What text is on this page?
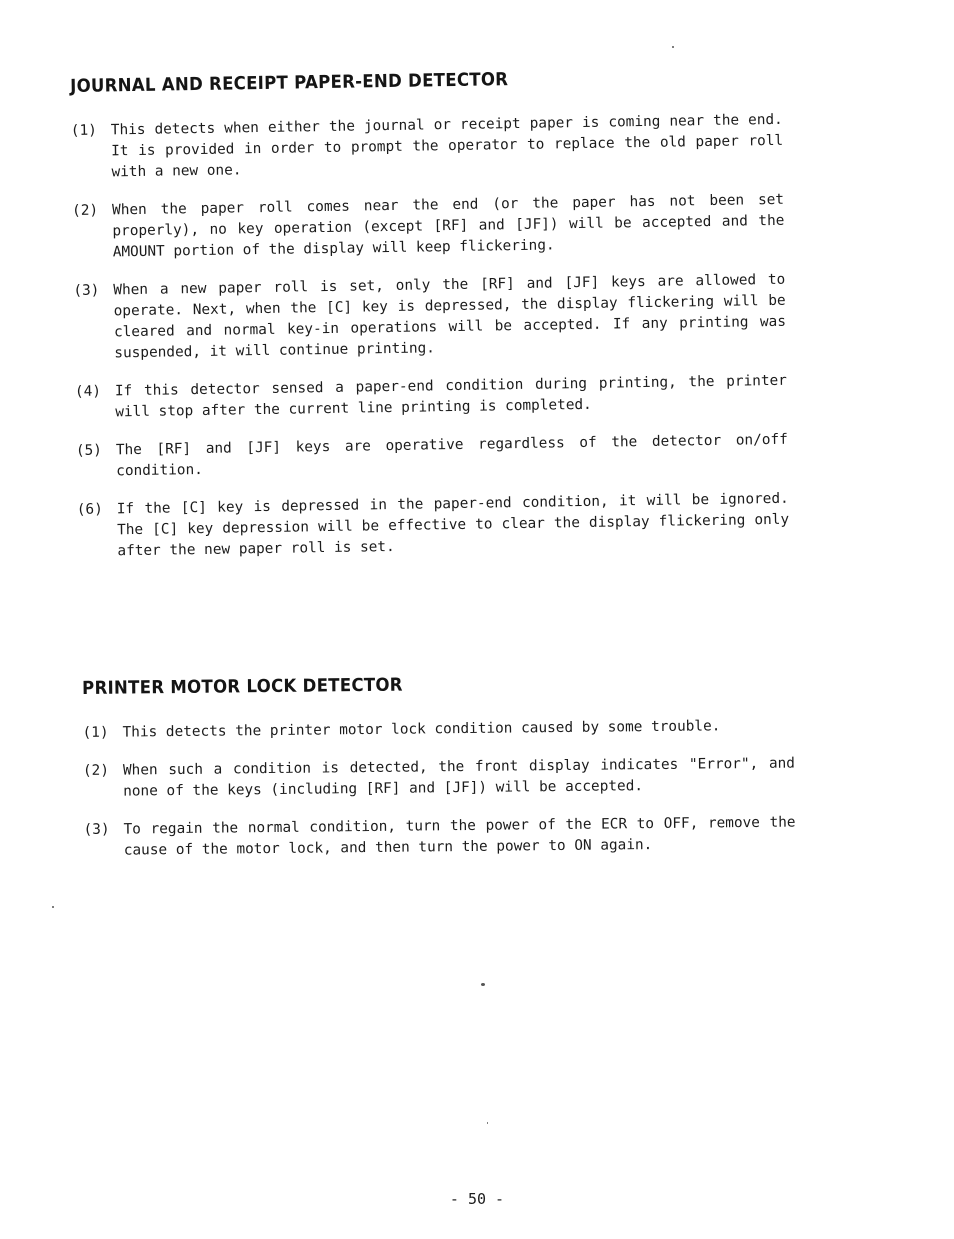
JOURNAL AND RECEIPT PAPER-END DETECTOR
(1) This detects when either the journal or receipt paper is coming near the end. It is provided in order to prompt the operator to replace the old paper roll with a new one.
(2) When the paper roll comes near the end (or the paper has not been set properly), no key operation (except [RF] and [JF]) will be accepted and the AMOUNT portion of the display will keep flickering.
(3) When a new paper roll is set, only the [RF] and [JF] keys are allowed to operate. Next, when the [C] key is depressed, the display flickering will be cleared and normal key-in operations will be accepted. If any printing was suspended, it will continue printing.
(4) If this detector sensed a paper-end condition during printing, the printer will stop after the current line printing is completed.
(5) The [RF] and [JF] keys are operative regardless of the detector on/off condition.
(6) If the [C] key is depressed in the paper-end condition, it will be ignored. The [C] key depression will be effective to clear the display flickering only after the new paper roll is set.
PRINTER MOTOR LOCK DETECTOR
(1) This detects the printer motor lock condition caused by some trouble.
(2) When such a condition is detected, the front display indicates "Error", and none of the keys (including [RF] and [JF]) will be accepted.
(3) To regain the normal condition, turn the power of the ECR to OFF, remove the cause of the motor lock, and then turn the power to ON again.
- 50 -
